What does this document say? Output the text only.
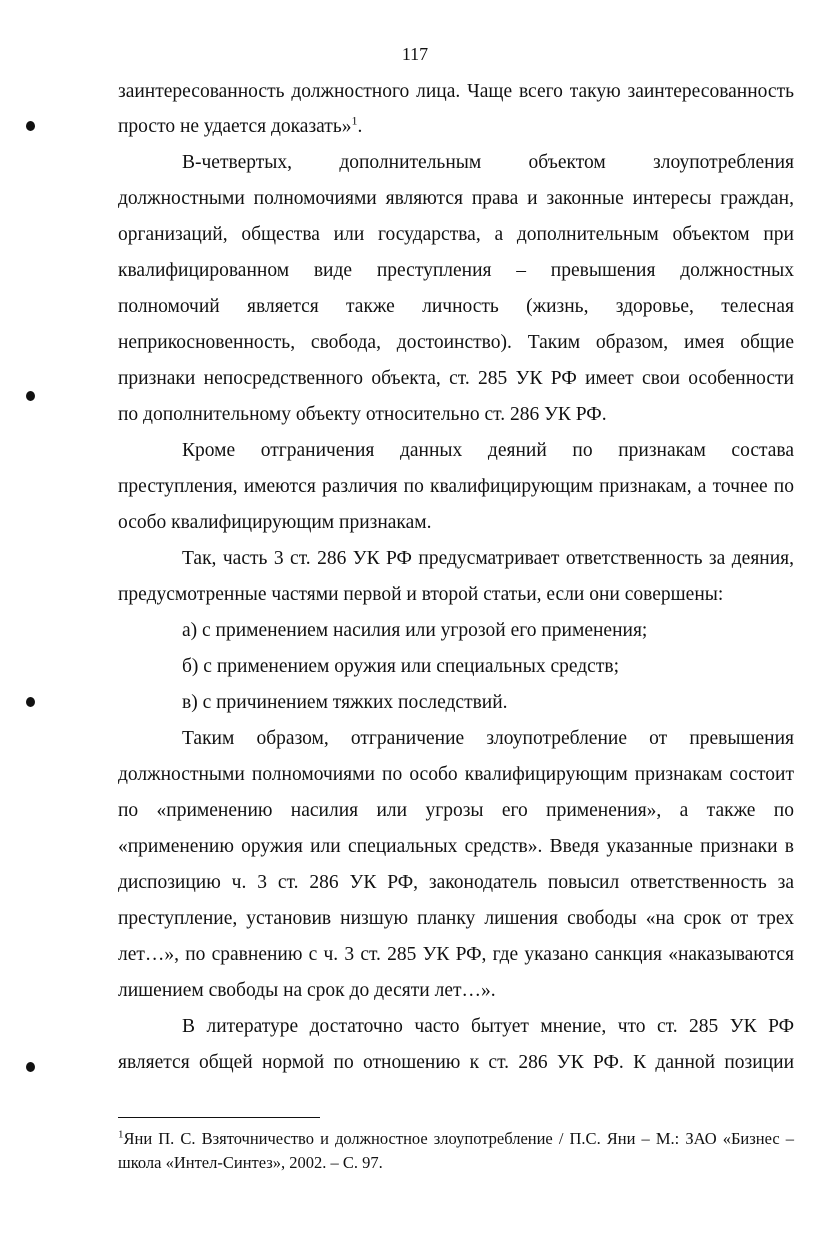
117
заинтересованность должностного лица. Чаще всего такую заинтересованность
просто не удается доказать»$^1$.
В-четвертых, дополнительным объектом злоупотребления
должностными полномочиями являются права и законные интересы граждан,
организаций, общества или государства, а дополнительным объектом при
квалифицированном виде преступления – превышения должностных
полномочий является также личность (жизнь, здоровье, телесная
неприкосновенность, свобода, достоинство). Таким образом, имея общие
признаки непосредственного объекта, ст. 285 УК РФ имеет свои особенности
по дополнительному объекту относительно ст. 286 УК РФ.
Кроме отграничения данных деяний по признакам состава
преступления, имеются различия по квалифицирующим признакам, а точнее по
особо квалифицирующим признакам.
Так, часть 3 ст. 286 УК РФ предусматривает ответственность за деяния,
предусмотренные частями первой и второй статьи, если они совершены:
а) с применением насилия или угрозой его применения;
б) с применением оружия или специальных средств;
в) с причинением тяжких последствий.
Таким образом, отграничение злоупотребление от превышения
должностными полномочиями по особо квалифицирующим признакам состоит
по «применению насилия или угрозы его применения», а также по
«применению оружия или специальных средств». Введя указанные признаки в
диспозицию ч. 3 ст. 286 УК РФ, законодатель повысил ответственность за
преступление, установив низшую планку лишения свободы «на срок от трех
лет…», по сравнению с ч. 3 ст. 285 УК РФ, где указано санкция «наказываются
лишением свободы на срок до десяти лет…».
В литературе достаточно часто бытует мнение, что ст. 285 УК РФ
является общей нормой по отношению к ст. 286 УК РФ. К данной позиции
$^1$Яни П. С. Взяточничество и должностное злоупотребление / П.С. Яни – М.: ЗАО «Бизнес –
школа «Интел-Синтез», 2002. – С. 97.
